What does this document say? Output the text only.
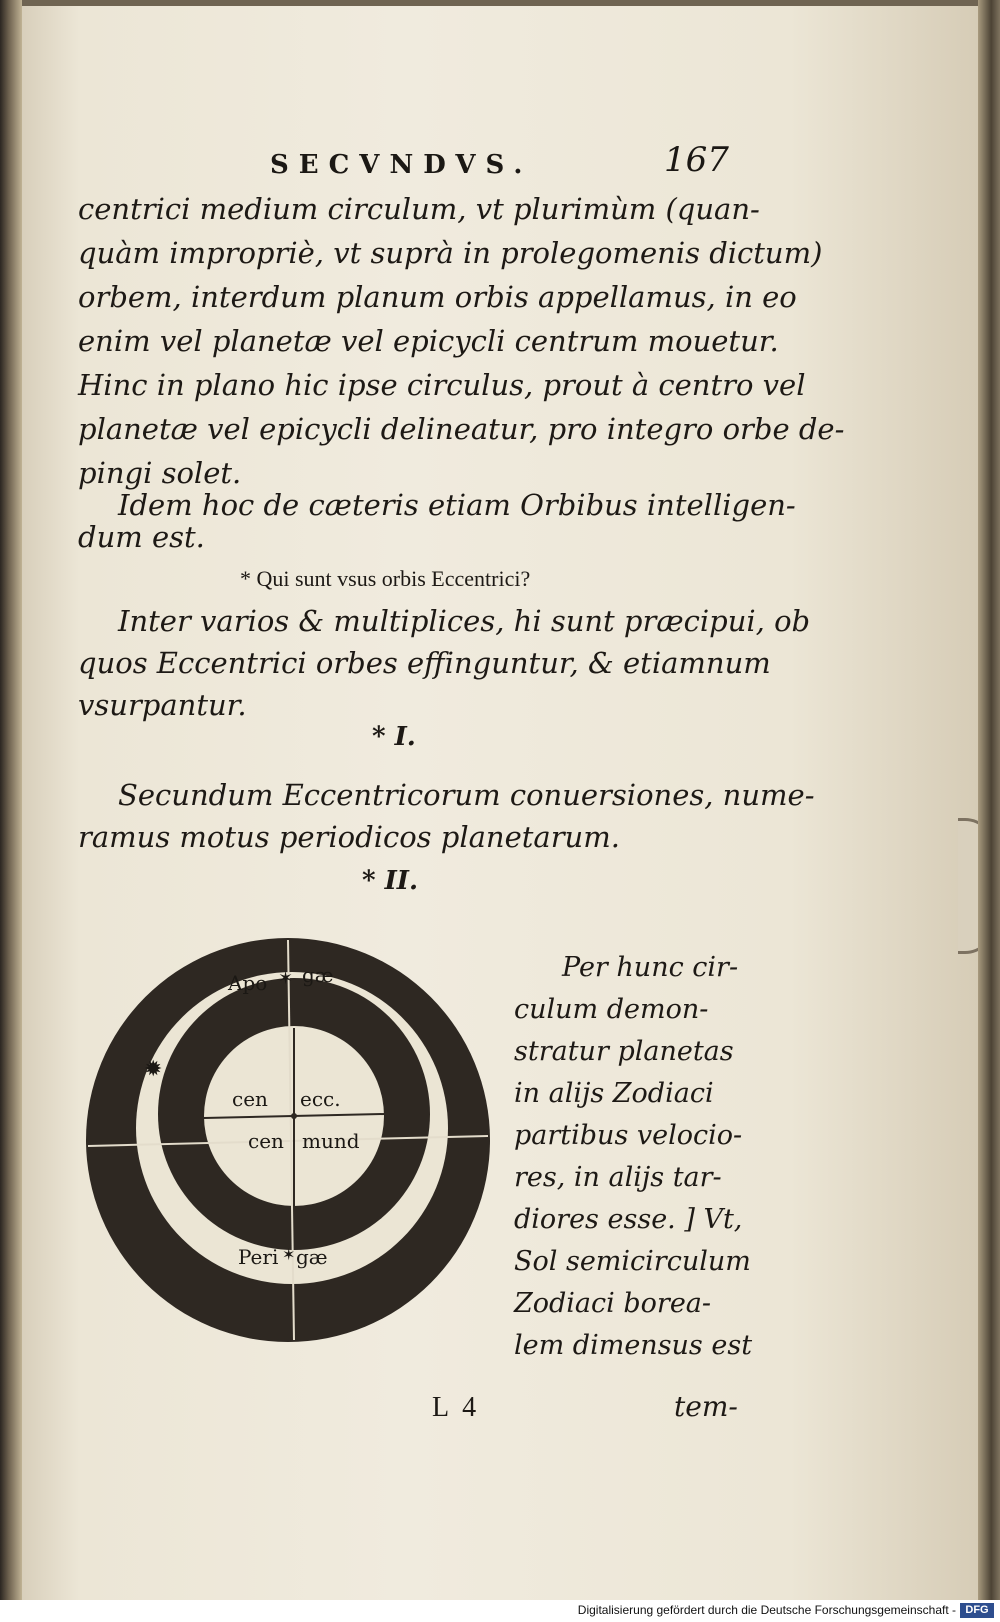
SECVNDVS.	167
centrici medium circulum, vt plurimùm (quan-
quàm impropriè, vt suprà in prolegomenis dictum)
orbem, interdum planum orbis appellamus, in eo
enim vel planetæ vel epicycli centrum mouetur.
Hinc in plano hic ipse circulus, prout à centro vel
planetæ vel epicycli delineatur, pro integro orbe de-
pingi solet.
Idem hoc de cæteris etiam Orbibus intelligen-
dum est.
* Qui sunt vsus orbis Eccentrici?
Inter varios & multiplices, hi sunt præcipui, ob
quos Eccentrici orbes effinguntur, & etiamnum
vsurpantur.
* I.
Secundum Eccentricorum conuersiones, nume-
ramus motus periodicos planetarum.
* II.
✶
✹
✶
Apo gæ
cen ecc.
cen mund
Peri gæ
Per hunc cir-
culum demon-
stratur planetas
in alijs Zodiaci
partibus velocio-
res, in alijs tar-
diores esse. ] Vt,
Sol semicirculum
Zodiaci borea-
lem dimensus est
L  4	tem-
Digitalisierung gefördert durch die Deutsche Forschungsgemeinschaft - DFG
